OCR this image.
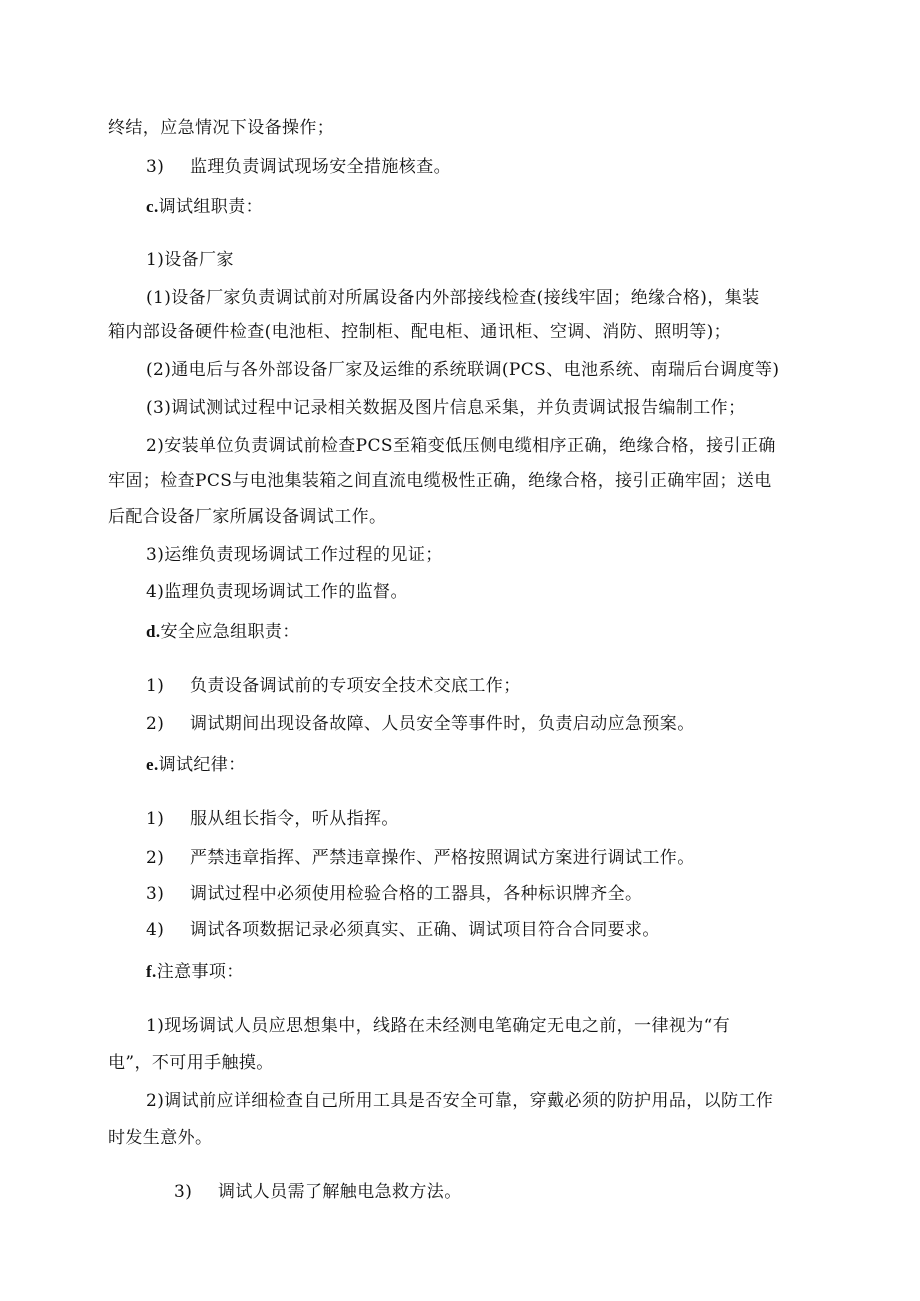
终结，应急情况下设备操作；
3) 监理负责调试现场安全措施核查。
c.调试组职责：
1)设备厂家
(1)设备厂家负责调试前对所属设备内外部接线检查(接线牢固；绝缘合格)，集装
箱内部设备硬件检查(电池柜、控制柜、配电柜、通讯柜、空调、消防、照明等)；
(2)通电后与各外部设备厂家及运维的系统联调(PCS、电池系统、南瑞后台调度等)
(3)调试测试过程中记录相关数据及图片信息采集，并负责调试报告编制工作；
2)安装单位负责调试前检查PCS至箱变低压侧电缆相序正确，绝缘合格，接引正确
牢固；检查PCS与电池集装箱之间直流电缆极性正确，绝缘合格，接引正确牢固；送电
后配合设备厂家所属设备调试工作。
3)运维负责现场调试工作过程的见证；
4)监理负责现场调试工作的监督。
d.安全应急组职责：
1) 负责设备调试前的专项安全技术交底工作；
2) 调试期间出现设备故障、人员安全等事件时，负责启动应急预案。
e.调试纪律：
1) 服从组长指令，听从指挥。
2) 严禁违章指挥、严禁违章操作、严格按照调试方案进行调试工作。
3) 调试过程中必须使用检验合格的工器具，各种标识牌齐全。
4) 调试各项数据记录必须真实、正确、调试项目符合合同要求。
f.注意事项：
1)现场调试人员应思想集中，线路在未经测电笔确定无电之前，一律视为“有
电”，不可用手触摸。
2)调试前应详细检查自己所用工具是否安全可靠，穿戴必须的防护用品，以防工作
时发生意外。
3) 调试人员需了解触电急救方法。
